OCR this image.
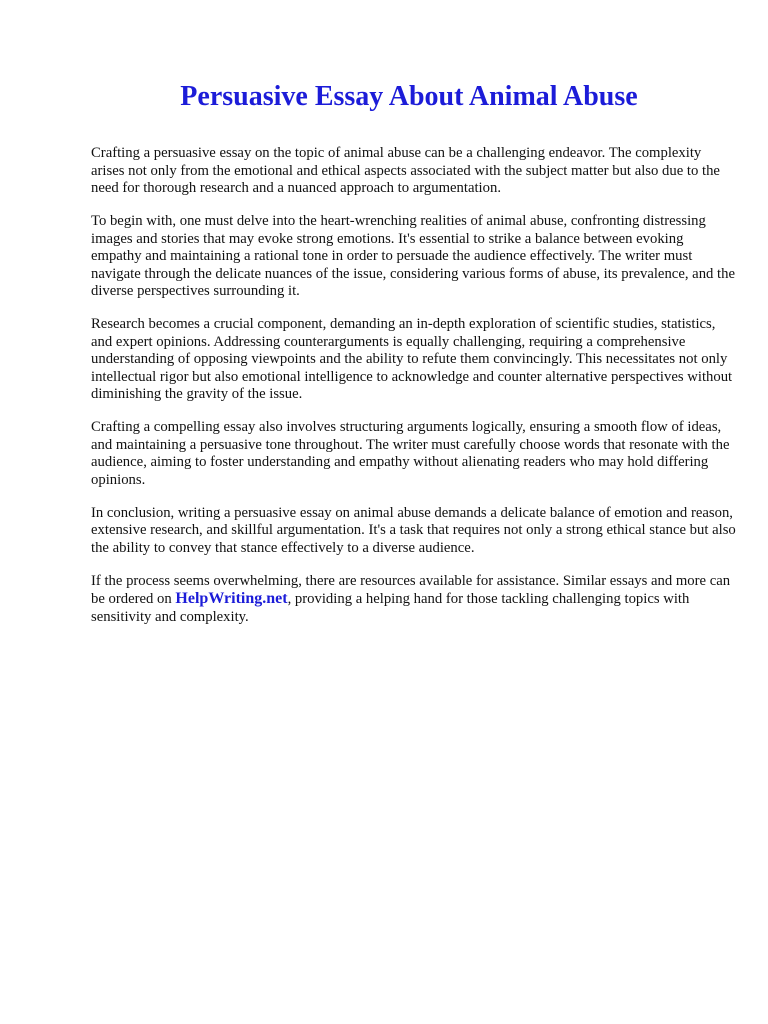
Persuasive Essay About Animal Abuse

Crafting a persuasive essay on the topic of animal abuse can be a challenging endeavor. The complexity arises not only from the emotional and ethical aspects associated with the subject matter but also due to the need for thorough research and a nuanced approach to argumentation.

To begin with, one must delve into the heart-wrenching realities of animal abuse, confronting distressing images and stories that may evoke strong emotions. It's essential to strike a balance between evoking empathy and maintaining a rational tone in order to persuade the audience effectively. The writer must navigate through the delicate nuances of the issue, considering various forms of abuse, its prevalence, and the diverse perspectives surrounding it.

Research becomes a crucial component, demanding an in-depth exploration of scientific studies, statistics, and expert opinions. Addressing counterarguments is equally challenging, requiring a comprehensive understanding of opposing viewpoints and the ability to refute them convincingly. This necessitates not only intellectual rigor but also emotional intelligence to acknowledge and counter alternative perspectives without diminishing the gravity of the issue.

Crafting a compelling essay also involves structuring arguments logically, ensuring a smooth flow of ideas, and maintaining a persuasive tone throughout. The writer must carefully choose words that resonate with the audience, aiming to foster understanding and empathy without alienating readers who may hold differing opinions.

In conclusion, writing a persuasive essay on animal abuse demands a delicate balance of emotion and reason, extensive research, and skillful argumentation. It's a task that requires not only a strong ethical stance but also the ability to convey that stance effectively to a diverse audience.

If the process seems overwhelming, there are resources available for assistance. Similar essays and more can be ordered on HelpWriting.net, providing a helping hand for those tackling challenging topics with sensitivity and complexity.
